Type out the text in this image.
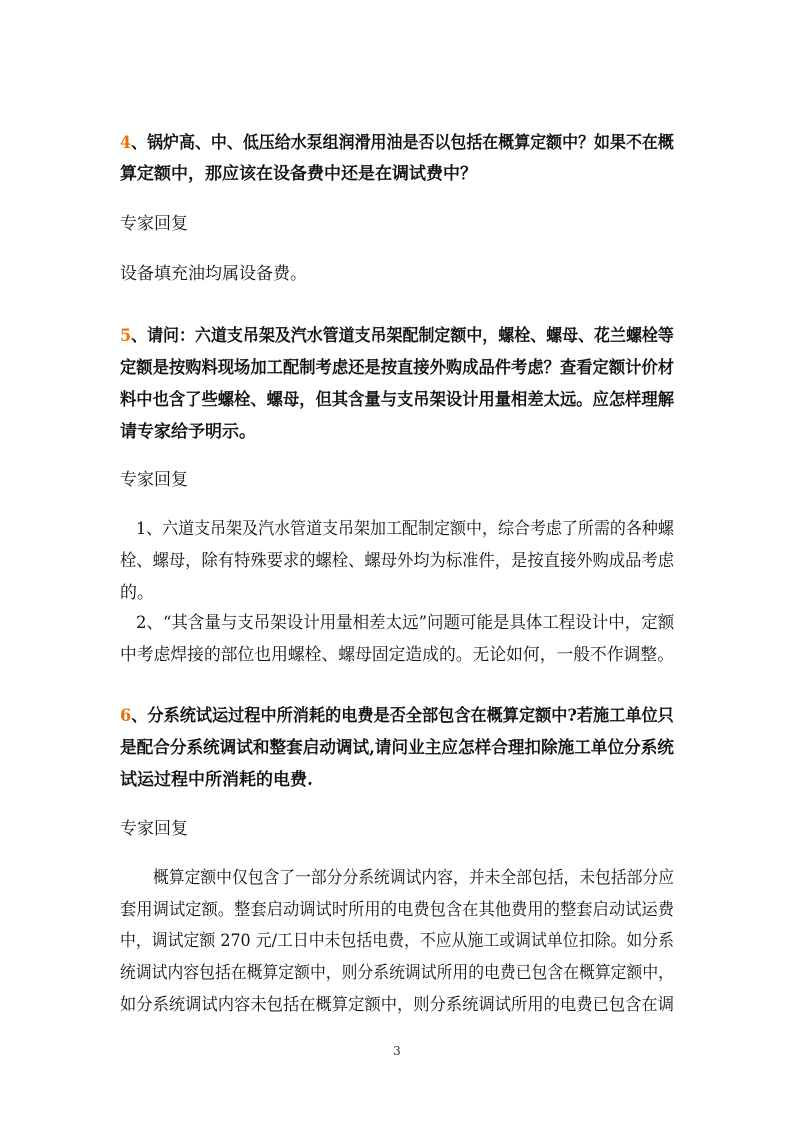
4、锅炉高、中、低压给水泵组润滑用油是否以包括在概算定额中？如果不在概
算定额中，那应该在设备费中还是在调试费中？
专家回复
设备填充油均属设备费。
5、请问：六道支吊架及汽水管道支吊架配制定额中，螺栓、螺母、花兰螺栓等
定额是按购料现场加工配制考虑还是按直接外购成品件考虑？查看定额计价材
料中也含了些螺栓、螺母，但其含量与支吊架设计用量相差太远。应怎样理解
请专家给予明示。
专家回复
1、六道支吊架及汽水管道支吊架加工配制定额中，综合考虑了所需的各种螺
栓、螺母，除有特殊要求的螺栓、螺母外均为标准件，是按直接外购成品考虑
的。
2、“其含量与支吊架设计用量相差太远”问题可能是具体工程设计中，定额
中考虑焊接的部位也用螺栓、螺母固定造成的。无论如何，一般不作调整。
6、分系统试运过程中所消耗的电费是否全部包含在概算定额中?若施工单位只
是配合分系统调试和整套启动调试,请问业主应怎样合理扣除施工单位分系统
试运过程中所消耗的电费.
专家回复
概算定额中仅包含了一部分分系统调试内容，并未全部包括，未包括部分应
套用调试定额。整套启动调试时所用的电费包含在其他费用的整套启动试运费
中，调试定额 270 元/工日中未包括电费，不应从施工或调试单位扣除。如分系
统调试内容包括在概算定额中，则分系统调试所用的电费已包含在概算定额中，
如分系统调试内容未包括在概算定额中，则分系统调试所用的电费已包含在调
3
